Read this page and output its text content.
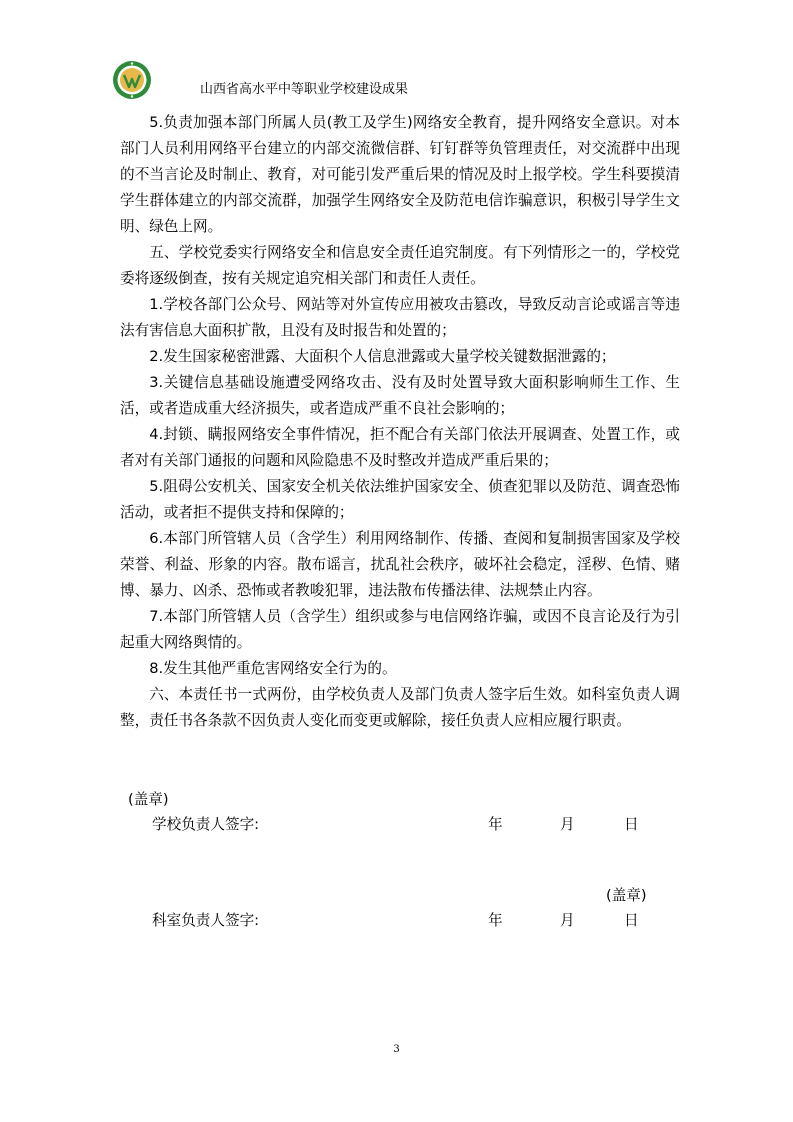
山西省高水平中等职业学校建设成果

5.负责加强本部门所属人员(教工及学生)网络安全教育，提升网络安全意识。对本部门人员利用网络平台建立的内部交流微信群、钉钉群等负管理责任，对交流群中出现的不当言论及时制止、教育，对可能引发严重后果的情况及时上报学校。学生科要摸清学生群体建立的内部交流群，加强学生网络安全及防范电信诈骗意识，积极引导学生文明、绿色上网。

五、学校党委实行网络安全和信息安全责任追究制度。有下列情形之一的，学校党委将逐级倒查，按有关规定追究相关部门和责任人责任。

1.学校各部门公众号、网站等对外宣传应用被攻击篡改，导致反动言论或谣言等违法有害信息大面积扩散，且没有及时报告和处置的；

2.发生国家秘密泄露、大面积个人信息泄露或大量学校关键数据泄露的；

3.关键信息基础设施遭受网络攻击、没有及时处置导致大面积影响师生工作、生活，或者造成重大经济损失，或者造成严重不良社会影响的；

4.封锁、瞒报网络安全事件情况，拒不配合有关部门依法开展调查、处置工作，或者对有关部门通报的问题和风险隐患不及时整改并造成严重后果的；

5.阻碍公安机关、国家安全机关依法维护国家安全、侦查犯罪以及防范、调查恐怖活动，或者拒不提供支持和保障的；

6.本部门所管辖人员（含学生）利用网络制作、传播、查阅和复制损害国家及学校荣誉、利益、形象的内容。散布谣言，扰乱社会秩序，破坏社会稳定，淫秽、色情、赌博、暴力、凶杀、恐怖或者教唆犯罪，违法散布传播法律、法规禁止内容。

7.本部门所管辖人员（含学生）组织或参与电信网络诈骗，或因不良言论及行为引起重大网络舆情的。

8.发生其他严重危害网络安全行为的。

六、本责任书一式两份，由学校负责人及部门负责人签字后生效。如科室负责人调整，责任书各条款不因负责人变化而变更或解除，接任负责人应相应履行职责。

(盖章)
学校负责人签字:	年	月	日
(盖章)
科室负责人签字:	年	月	日
3
